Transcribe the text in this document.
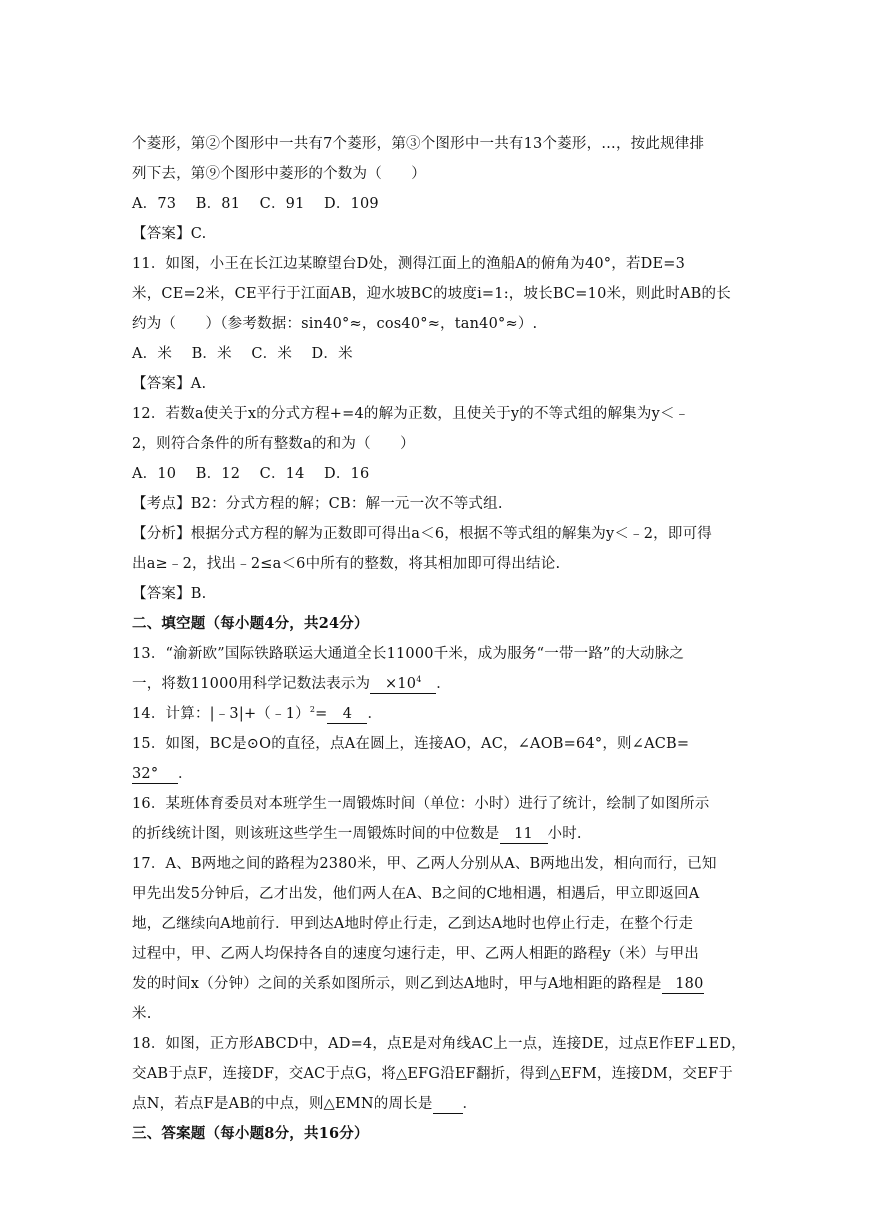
个菱形，第②个图形中一共有7个菱形，第③个图形中一共有13个菱形，…，按此规律排
列下去，第⑨个图形中菱形的个数为（　　）
A．73　 B．81　 C．91　 D．109
【答案】C.
11．如图，小王在长江边某瞭望台D处，测得江面上的渔船A的俯角为40°，若DE=3
米，CE=2米，CE平行于江面AB，迎水坡BC的坡度i=1:，坡长BC=10米，则此时AB的长
约为（　　）（参考数据：sin40°≈，cos40°≈，tan40°≈）.
A．米　 B．米　 C．米　 D．米
【答案】A.
12．若数a使关于x的分式方程+=4的解为正数，且使关于y的不等式组的解集为y＜﹣
2，则符合条件的所有整数a的和为（　　）
A．10　 B．12　 C．14　 D．16
【考点】B2：分式方程的解；CB：解一元一次不等式组.
【分析】根据分式方程的解为正数即可得出a＜6，根据不等式组的解集为y＜﹣2，即可得
出a≥﹣2，找出﹣2≤a＜6中所有的整数，将其相加即可得出结论.
【答案】B.
二、填空题（每小题4分，共24分）
13．“渝新欧”国际铁路联运大通道全长11000千米，成为服务“一带一路”的大动脉之
一，将数11000用科学记数法表示为 $\times 10^4$ ．
14．计算：|﹣3|+（﹣1）$^2$= 4 ．
15．如图，BC是⊙O的直径，点A在圆上，连接AO，AC，∠AOB=64°，则∠ACB=
32° ．
16．某班体育委员对本班学生一周锻炼时间（单位：小时）进行了统计，绘制了如图所示
的折线统计图，则该班这些学生一周锻炼时间的中位数是 11 小时.
17．A、B两地之间的路程为2380米，甲、乙两人分别从A、B两地出发，相向而行，已知
甲先出发5分钟后，乙才出发，他们两人在A、B之间的C地相遇，相遇后，甲立即返回A
地，乙继续向A地前行．甲到达A地时停止行走，乙到达A地时也停止行走，在整个行走
过程中，甲、乙两人均保持各自的速度匀速行走，甲、乙两人相距的路程y（米）与甲出
发的时间x（分钟）之间的关系如图所示，则乙到达A地时，甲与A地相距的路程是 180
米.
18．如图，正方形ABCD中，AD=4，点E是对角线AC上一点，连接DE，过点E作EF⊥ED，
交AB于点F，连接DF，交AC于点G，将△EFG沿EF翻折，得到△EFM，连接DM，交EF于
点N，若点F是AB的中点，则△EMN的周长是 ．
三、答案题（每小题8分，共16分）
